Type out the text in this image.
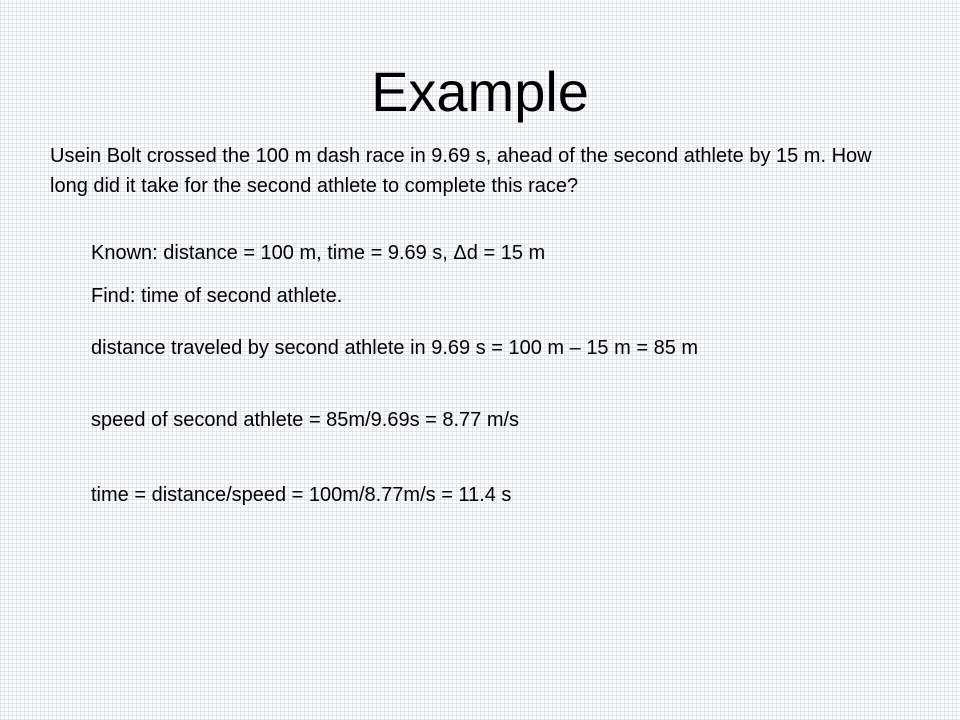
Example

Usein Bolt crossed the 100 m dash race in 9.69 s, ahead of the second athlete by 15 m. How long did it take for the second athlete to complete this race?

Known: distance = 100 m, time = 9.69 s, Δd = 15 m

Find: time of second athlete.

distance traveled by second athlete in 9.69 s = 100 m – 15 m = 85 m

speed of second athlete = 85m/9.69s = 8.77 m/s

time = distance/speed = 100m/8.77m/s = 11.4 s
